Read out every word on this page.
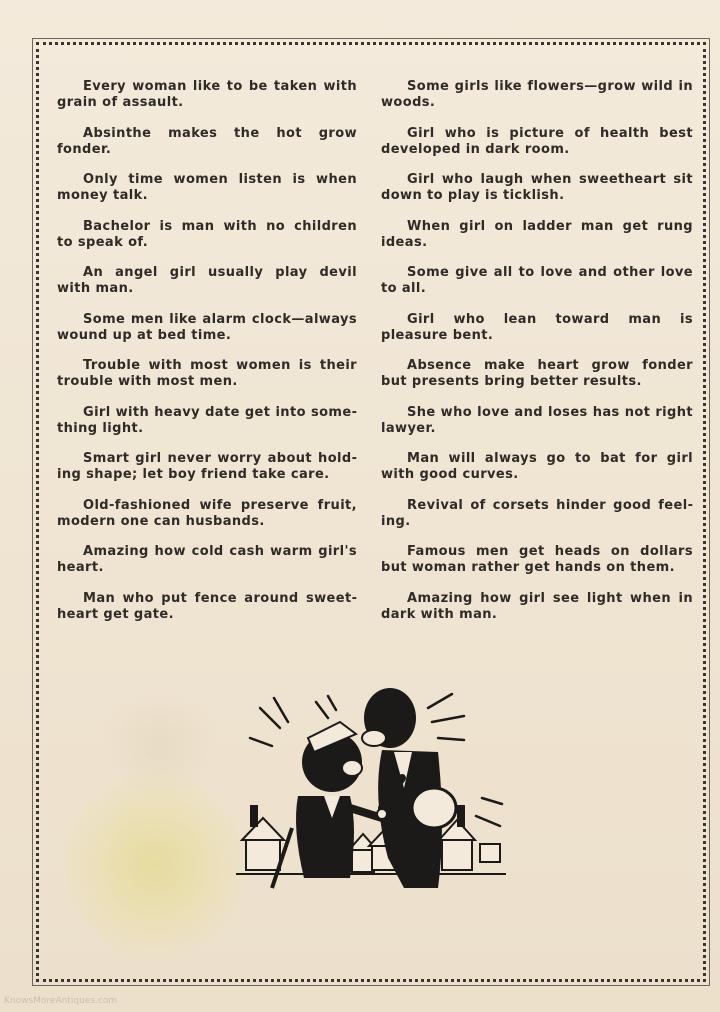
Every woman like to be taken with grain of assault.

Absinthe makes the hot grow fonder.

Only time women listen is when money talk.

Bachelor is man with no children to speak of.

An angel girl usually play devil with man.

Some men like alarm clock—always wound up at bed time.

Trouble with most women is their trouble with most men.

Girl with heavy date get into something light.

Smart girl never worry about holding shape; let boy friend take care.

Old-fashioned wife preserve fruit, modern one can husbands.

Amazing how cold cash warm girl's heart.

Man who put fence around sweetheart get gate.

Some girls like flowers—grow wild in woods.

Girl who is picture of health best developed in dark room.

Girl who laugh when sweetheart sit down to play is ticklish.

When girl on ladder man get rung ideas.

Some give all to love and other love to all.

Girl who lean toward man is pleasure bent.

Absence make heart grow fonder but presents bring better results.

She who love and loses has not right lawyer.

Man will always go to bat for girl with good curves.

Revival of corsets hinder good feeling.

Famous men get heads on dollars but woman rather get hands on them.

Amazing how girl see light when in dark with man.

KnowsMoreAntiques.com
